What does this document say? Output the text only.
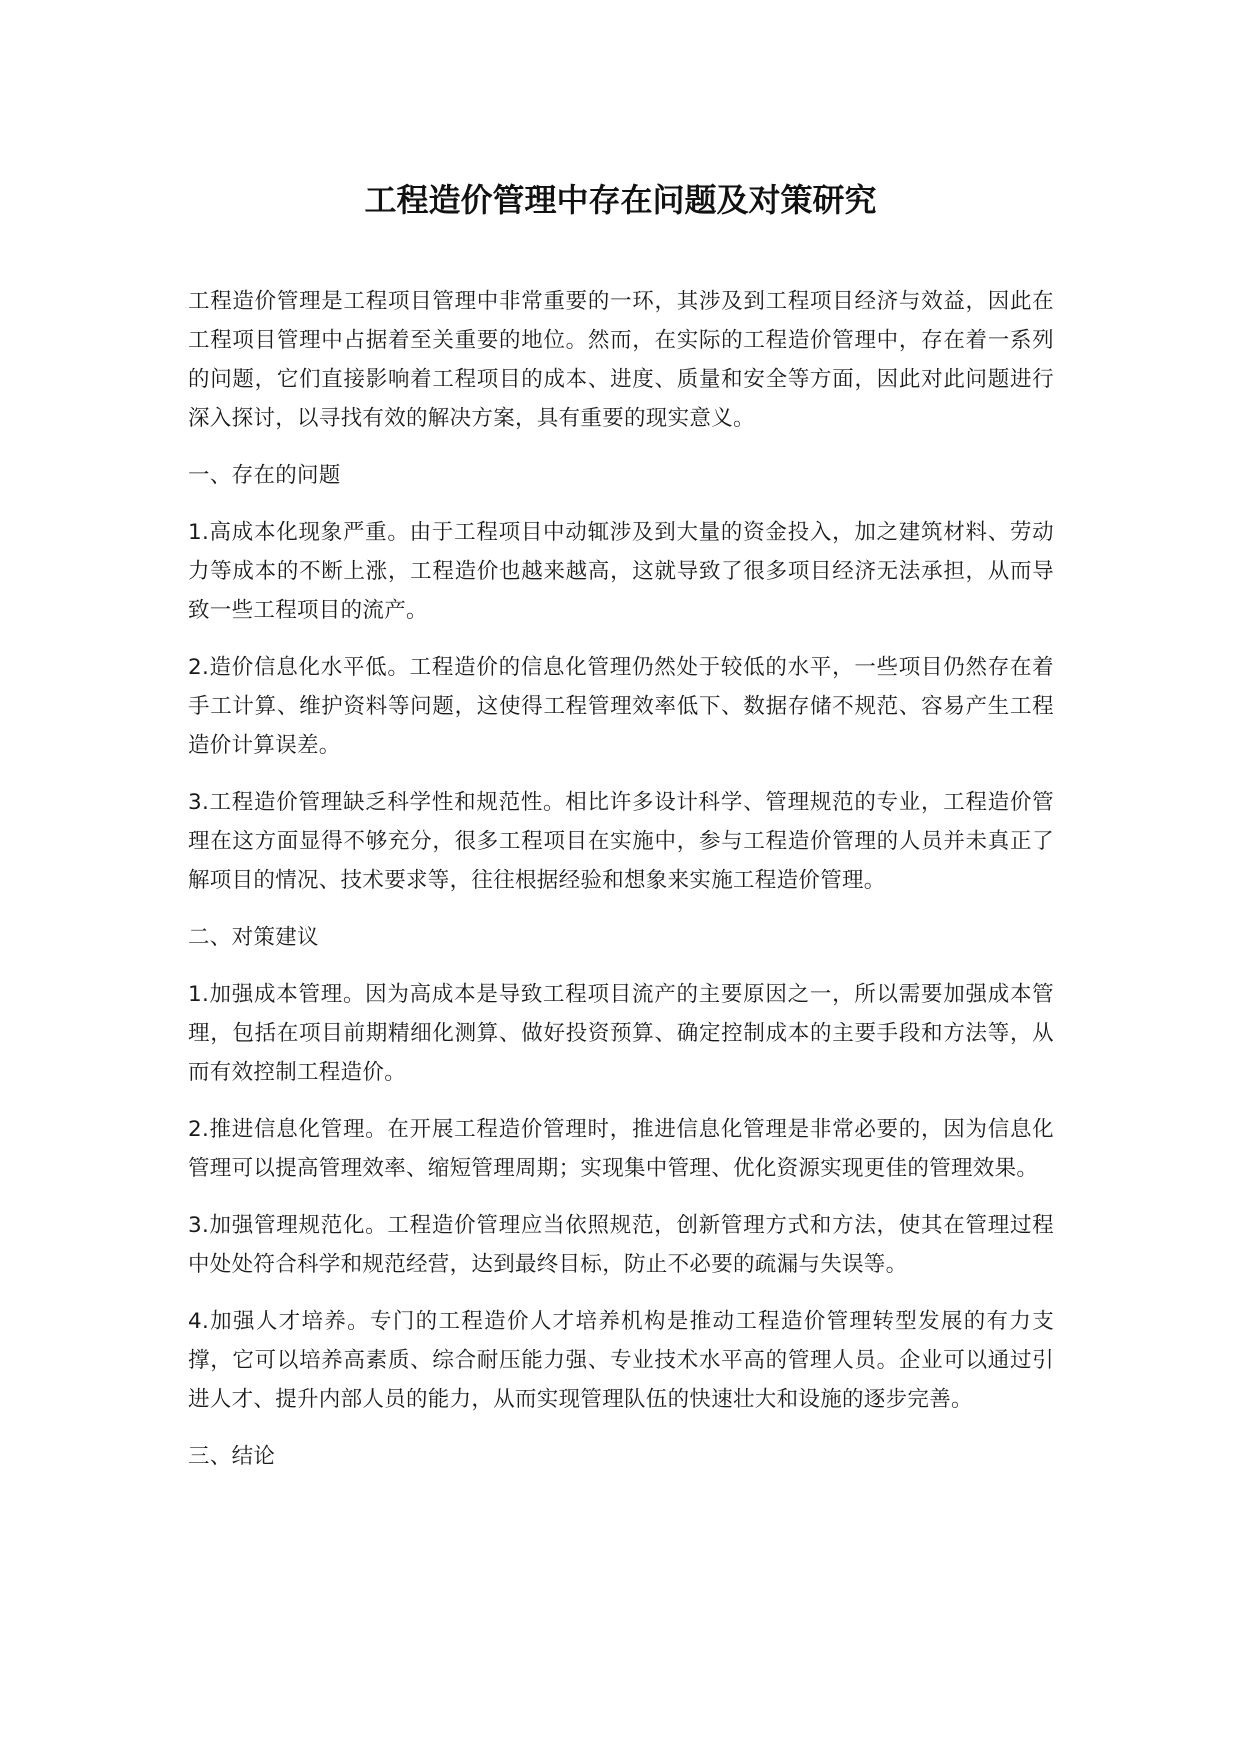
工程造价管理中存在问题及对策研究

工程造价管理是工程项目管理中非常重要的一环，其涉及到工程项目经济与效益，因此在工程项目管理中占据着至关重要的地位。然而，在实际的工程造价管理中，存在着一系列的问题，它们直接影响着工程项目的成本、进度、质量和安全等方面，因此对此问题进行深入探讨，以寻找有效的解决方案，具有重要的现实意义。

一、存在的问题

1.高成本化现象严重。由于工程项目中动辄涉及到大量的资金投入，加之建筑材料、劳动力等成本的不断上涨，工程造价也越来越高，这就导致了很多项目经济无法承担，从而导致一些工程项目的流产。

2.造价信息化水平低。工程造价的信息化管理仍然处于较低的水平，一些项目仍然存在着手工计算、维护资料等问题，这使得工程管理效率低下、数据存储不规范、容易产生工程造价计算误差。

3.工程造价管理缺乏科学性和规范性。相比许多设计科学、管理规范的专业，工程造价管理在这方面显得不够充分，很多工程项目在实施中，参与工程造价管理的人员并未真正了解项目的情况、技术要求等，往往根据经验和想象来实施工程造价管理。

二、对策建议

1.加强成本管理。因为高成本是导致工程项目流产的主要原因之一，所以需要加强成本管理，包括在项目前期精细化测算、做好投资预算、确定控制成本的主要手段和方法等，从而有效控制工程造价。

2.推进信息化管理。在开展工程造价管理时，推进信息化管理是非常必要的，因为信息化管理可以提高管理效率、缩短管理周期；实现集中管理、优化资源实现更佳的管理效果。

3.加强管理规范化。工程造价管理应当依照规范，创新管理方式和方法，使其在管理过程中处处符合科学和规范经营，达到最终目标，防止不必要的疏漏与失误等。

4.加强人才培养。专门的工程造价人才培养机构是推动工程造价管理转型发展的有力支撑，它可以培养高素质、综合耐压能力强、专业技术水平高的管理人员。企业可以通过引进人才、提升内部人员的能力，从而实现管理队伍的快速壮大和设施的逐步完善。

三、结论
